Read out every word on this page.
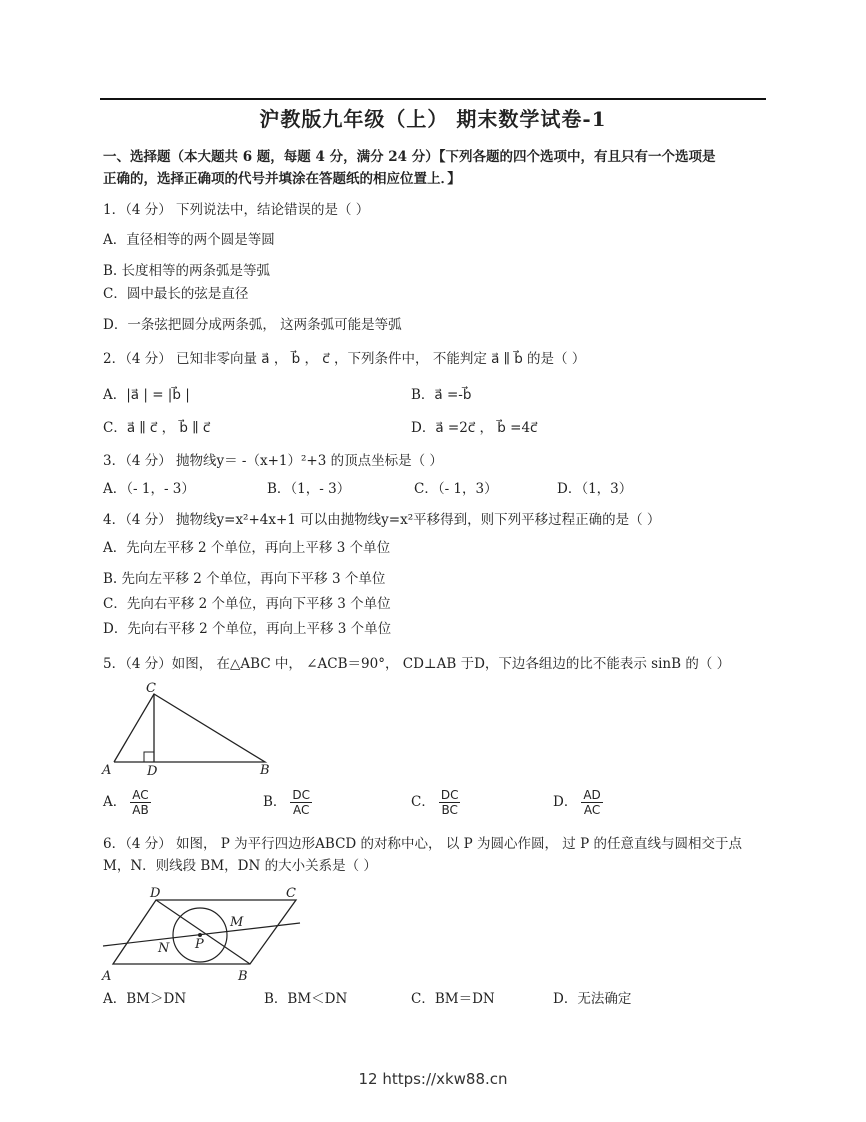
沪教版九年级（上） 期末数学试卷-1
一、选择题（本大题共 6 题，每题 4 分，满分 24 分）【下列各题的四个选项中，有且只有一个选项是
正确的，选择正确项的代号并填涂在答题纸的相应位置上．】
1．（4 分） 下列说法中，结论错误的是（ ）
A．直径相等的两个圆是等圆
B. 长度相等的两条弧是等弧
C．圆中最长的弦是直径
D．一条弦把圆分成两条弧， 这两条弧可能是等弧
2．（4 分） 已知非零向量 a⃗ ， b⃗ ， c⃗ ，下列条件中， 不能判定 a⃗ ∥ b⃗ 的是（ ）
A．|a⃗ | = |b⃗ |	B．a⃗ =-b⃗
C．a⃗ ∥ c⃗ ， b⃗ ∥ c⃗	D．a⃗ =2c⃗ ， b⃗ =4c⃗
3．（4 分） 抛物线y＝ -（x+1）²+3 的顶点坐标是（ ）
A．（- 1，- 3）	B．（1，- 3）	C．（- 1，3）	D．（1，3）
4．（4 分） 抛物线y=x²+4x+1 可以由抛物线y=x²平移得到，则下列平移过程正确的是（ ）
A．先向左平移 2 个单位，再向上平移 3 个单位
B. 先向左平移 2 个单位，再向下平移 3 个单位
C．先向右平移 2 个单位，再向下平移 3 个单位
D．先向右平移 2 个单位，再向上平移 3 个单位
5．（4 分）如图， 在△ABC 中， ∠ACB＝90°， CD⊥AB 于D，下边各组边的比不能表示 sinB 的（ ）
C
A	D	B
A． $\frac{AC}{AB}$	B． $\frac{DC}{AC}$	C． $\frac{DC}{BC}$	D． $\frac{AD}{AC}$
6．（4 分） 如图， P 为平行四边形ABCD 的对称中心， 以 P 为圆心作圆， 过 P 的任意直线与圆相交于点
M，N．则线段 BM，DN 的大小关系是（ ）
D	C
A	B
M
N P
A．BM＞DN	B．BM＜DN	C．BM＝DN	D．无法确定
12 https://xkw88.cn
